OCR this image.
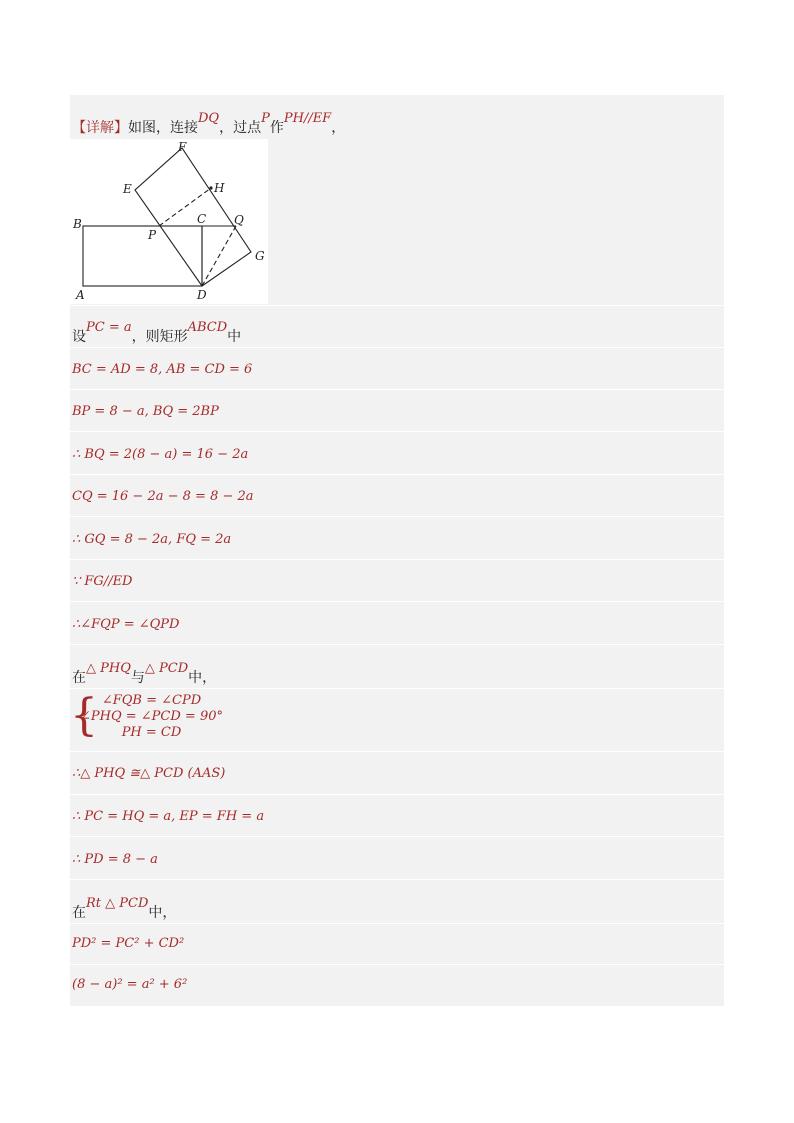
【详解】如图，连接DQ，过点P作PH//EF，
F
E	H
B	C Q
P
G
A	D
设PC = a，则矩形ABCD中
BC = AD = 8, AB = CD = 6
BP = 8 − a, BQ = 2BP
∴ BQ = 2(8 − a) = 16 − 2a
CQ = 16 − 2a − 8 = 8 − 2a
∴ GQ = 8 − 2a, FQ = 2a
∵ FG//ED
∴∠FQP = ∠QPD
在△ PHQ与△ PCD中，
{ ∠FQB = ∠CPD
∠PHQ = ∠PCD = 90°
PH = CD
∴△ PHQ ≅△ PCD (AAS)
∴ PC = HQ = a, EP = FH = a
∴ PD = 8 − a
在Rt △ PCD中，
PD² = PC² + CD²
(8 − a)² = a² + 6²
